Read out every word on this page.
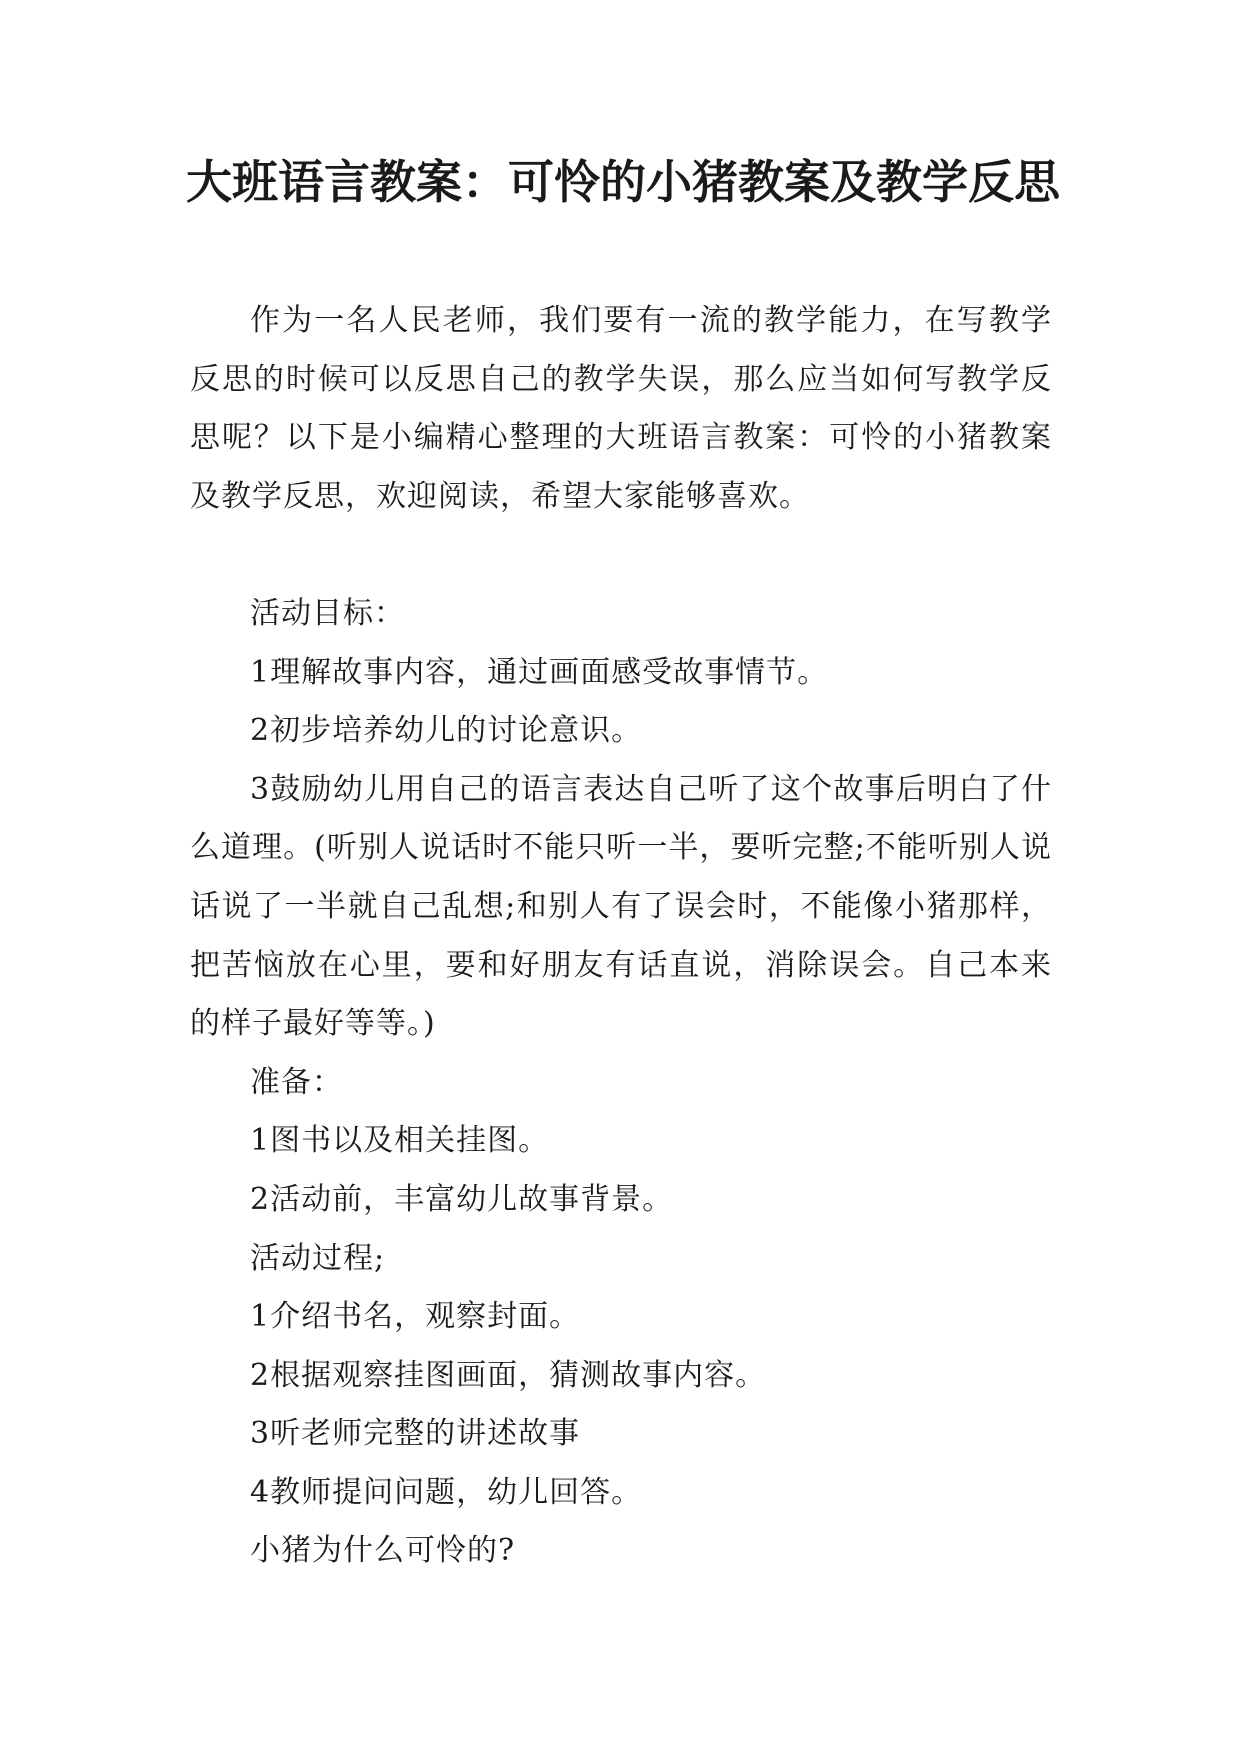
大班语言教案：可怜的小猪教案及教学反思

作为一名人民老师，我们要有一流的教学能力，在写教学反思的时候可以反思自己的教学失误，那么应当如何写教学反思呢？以下是小编精心整理的大班语言教案：可怜的小猪教案及教学反思，欢迎阅读，希望大家能够喜欢。

活动目标：

1理解故事内容，通过画面感受故事情节。

2初步培养幼儿的讨论意识。

3鼓励幼儿用自己的语言表达自己听了这个故事后明白了什么道理。(听别人说话时不能只听一半，要听完整;不能听别人说话说了一半就自己乱想;和别人有了误会时，不能像小猪那样，把苦恼放在心里，要和好朋友有话直说，消除误会。自己本来的样子最好等等。)

准备：

1图书以及相关挂图。

2活动前，丰富幼儿故事背景。

活动过程;

1介绍书名，观察封面。

2根据观察挂图画面，猜测故事内容。

3听老师完整的讲述故事

4教师提问问题，幼儿回答。

小猪为什么可怜的?
